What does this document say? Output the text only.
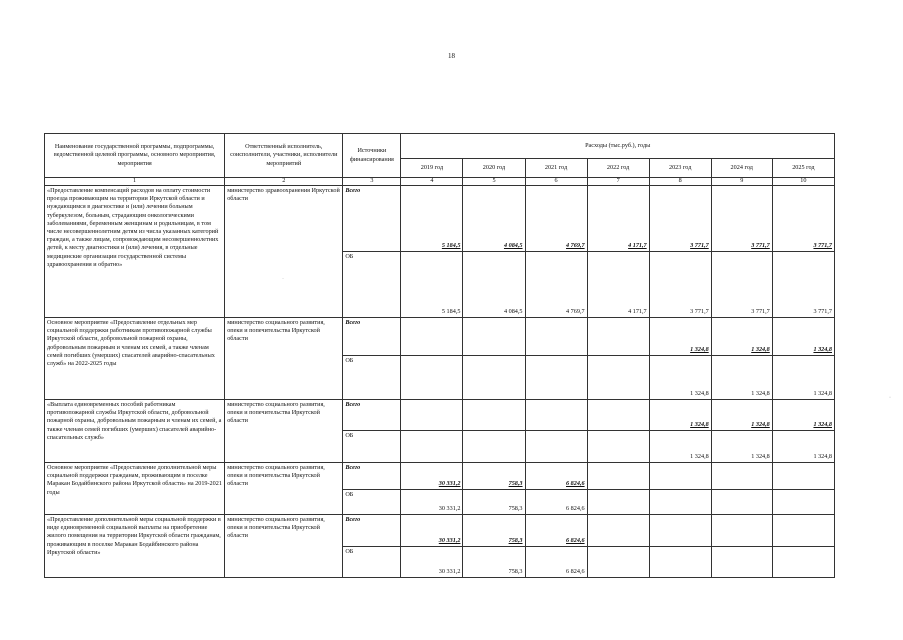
18
Наименование государственной программы, подпрограммы, ведомственной целевой программы, основного мероприятия, мероприятия	Ответственный исполнитель, соисполнители, участники, исполнители мероприятий	Источники финансирования	Расходы (тыс.руб.), годы						
			2019 год	2020 год	2021 год	2022 год	2023 год	2024 год	2025 год
1	2	3	4	5	6	7	8	9	10
«Предоставление компенсаций расходов на оплату стоимости проезда проживающим на территории Иркутской области и нуждающимся в диагностике и (или) лечении больным туберкулезом, больным, страдающим онкологическими заболеваниями, беременным женщинам и родильницам, в том числе несовершеннолетним детям из числа указанных категорий граждан, а также лицам, сопровождающим несовершеннолетних детей, к месту диагностики и (или) лечения, в отдельные медицинские организации государственной системы здравоохранения и обратно»	министерство здравоохранения Иркутской области	Всего	5 184,5	4 084,5	4 769,7	4 171,7	3 771,7	3 771,7	3 771,7
		ОБ	5 184,5	4 084,5	4 769,7	4 171,7	3 771,7	3 771,7	3 771,7
Основное мероприятие «Предоставление отдельных мер социальной поддержки работникам противопожарной службы Иркутской области, добровольной пожарной охраны, добровольным пожарным и членам их семей, а также членам семей погибших (умерших) спасателей аварийно-спасательных служб» на 2022-2025 годы	министерство социального развития, опеки и попечительства Иркутской области	Всего					1 324,8	1 324,8	1 324,8
		ОБ					1 324,8	1 324,8	1 324,8
«Выплата единовременных пособий работникам противопожарной службы Иркутской области, добровольной пожарной охраны, добровольным пожарным и членам их семей, а также членам семей погибших (умерших) спасателей аварийно-спасательных служб»	министерство социального развития, опеки и попечительства Иркутской области	Всего					1 324,8	1 324,8	1 324,8
		ОБ					1 324,8	1 324,8	1 324,8
Основное мероприятие «Предоставление дополнительной меры социальной поддержки гражданам, проживающим в поселке Маракан Бодайбинского района Иркутской области» на 2019-2021 годы	министерство социального развития, опеки и попечительства Иркутской области	Всего	30 331,2	758,3	6 824,6				
		ОБ	30 331,2	758,3	6 824,6				
«Предоставление дополнительной меры социальной поддержки в виде единовременной социальной выплаты на приобретение жилого помещения на территории Иркутской области гражданам, проживающим в поселке Маракан Бодайбинского района Иркутской области»	министерство социального развития, опеки и попечительства Иркутской области	Всего	30 331,2	758,3	6 824,6				
		ОБ	30 331,2	758,3	6 824,6				
˙
·
